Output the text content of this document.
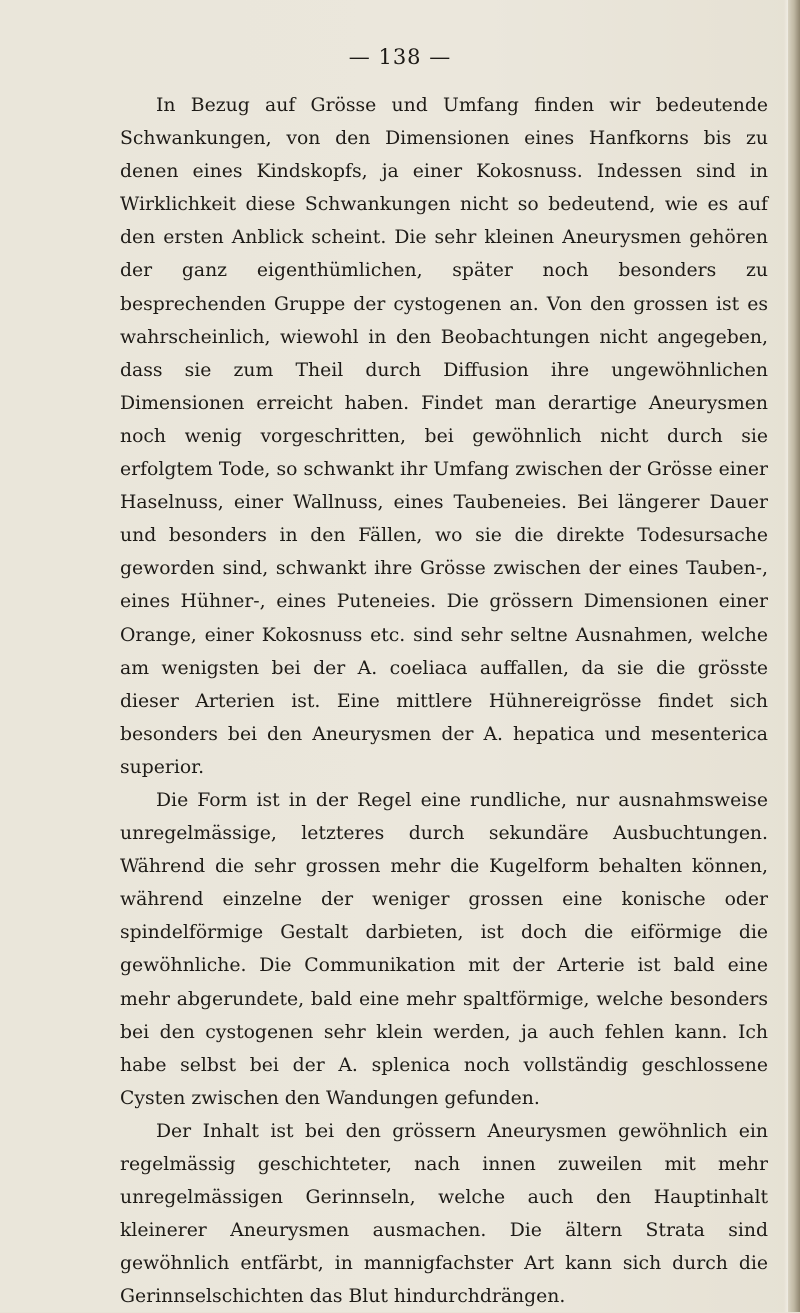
— 138 —

In Bezug auf Grösse und Umfang finden wir bedeutende Schwankungen, von den Dimensionen eines Hanfkorns bis zu denen eines Kindskopfs, ja einer Kokosnuss. Indessen sind in Wirklichkeit diese Schwankungen nicht so bedeutend, wie es auf den ersten Anblick scheint. Die sehr kleinen Aneurysmen gehören der ganz eigenthümlichen, später noch besonders zu besprechenden Gruppe der cystogenen an. Von den grossen ist es wahrscheinlich, wiewohl in den Beobachtungen nicht angegeben, dass sie zum Theil durch Diffusion ihre ungewöhnlichen Dimensionen erreicht haben. Findet man derartige Aneurysmen noch wenig vorgeschritten, bei gewöhnlich nicht durch sie erfolgtem Tode, so schwankt ihr Umfang zwischen der Grösse einer Haselnuss, einer Wallnuss, eines Taubeneies. Bei längerer Dauer und besonders in den Fällen, wo sie die direkte Todesursache geworden sind, schwankt ihre Grösse zwischen der eines Tauben-, eines Hühner-, eines Puteneies. Die grössern Dimensionen einer Orange, einer Kokosnuss etc. sind sehr seltne Ausnahmen, welche am wenigsten bei der A. coeliaca auffallen, da sie die grösste dieser Arterien ist. Eine mittlere Hühnereigrösse findet sich besonders bei den Aneurysmen der A. hepatica und mesenterica superior.

Die Form ist in der Regel eine rundliche, nur ausnahmsweise unregelmässige, letzteres durch sekundäre Ausbuchtungen. Während die sehr grossen mehr die Kugelform behalten können, während einzelne der weniger grossen eine konische oder spindelförmige Gestalt darbieten, ist doch die eiförmige die gewöhnliche. Die Communikation mit der Arterie ist bald eine mehr abgerundete, bald eine mehr spaltförmige, welche besonders bei den cystogenen sehr klein werden, ja auch fehlen kann. Ich habe selbst bei der A. splenica noch vollständig geschlossene Cysten zwischen den Wandungen gefunden.

Der Inhalt ist bei den grössern Aneurysmen gewöhnlich ein regelmässig geschichteter, nach innen zuweilen mit mehr unregelmässigen Gerinnseln, welche auch den Hauptinhalt kleinerer Aneurysmen ausmachen. Die ältern Strata sind gewöhnlich entfärbt, in mannigfachster Art kann sich durch die Gerinnselschichten das Blut hindurchdrängen.
